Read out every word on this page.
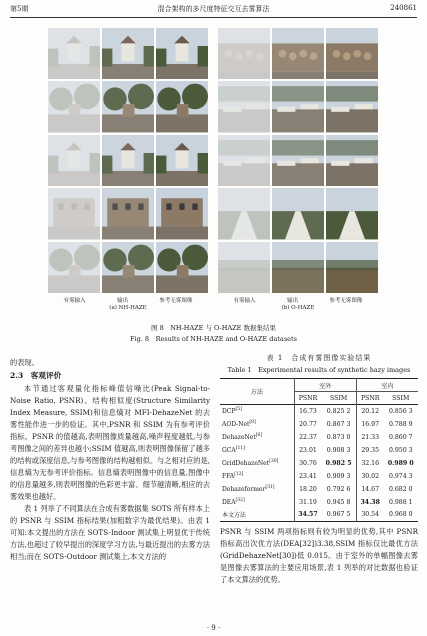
第5期	混合架构的多尺度特征交互去雾算法	240861
有雾输入	输出	参考无雾图像
(a) NH-HAZE
有雾输入	输出	参考无雾图像
(b) O-HAZE
图 8　NH-HAZE 与 O-HAZE 数据集结果
Fig. 8　Results of NH-HAZE and O-HAZE datasets

的表现。

2.3　客观评价

本节通过客观量化指标峰值信噪比(Peak Signal-to-Noise Ratio, PSNR)、结构相似度(Structure Similarity Index Measure, SSIM)和信息熵对 MFI-DehazeNet 的去雾性能作进一步的验证。其中,PSNR 和 SSIM 为有参考评价指标。PSNR 的值越高,表明图像质量越高,噪声程度越低,与参考图像之间的差异也越小;SSIM 值越高,则表明图像保留了越多的结构或深度信息,与参考图像的结构越相似。与之相对应的是,信息熵为无参考评价指标。信息熵表明图像中的信息量,图像中的信息量越多,则表明图像的色彩更丰富、细节越清晰,相应的去雾效果也越好。

表 1 列举了不同算法在合成有雾数据集 SOTS 所有样本上的 PSNR 与 SSIM 指标结果(加粗数字为最优结果)。由表 1 可知:本文提出的方法在 SOTS-Indoor 测试集上明显优于传统方法,也超过了较早提出的深度学习方法,与最近提出的去雾方法相当;而在 SOTS-Outdoor 测试集上,本文方法的

表 1　合成有雾图像实验结果
Table 1　Experimental results of synthetic hazy images
方法	室外		室内	
	PSNR	SSIM	PSNR	SSIM
DCP[5]	16.73	0.825 2	20.12	0.856 3
AOD-Net[8]	20.77	0.867 3	16.97	0.788 9
DehazeNet[6]	22.37	0.873 0	21.33	0.860 7
GCA[11]	23.01	0.908 3	29.35	0.950 3
GridDehazeNet[30]	30.76	0.982 5	32.16	0.989 0
FFA[12]	23.41	0.909 3	30.02	0.974 3
Dehazeformer[31]	18.20	0.792 6	14.67	0.682 0
DEA[32]	31.19	0.945 8	34.38	0.988 1
本文方法	34.57	0.967 5	30.54	0.968 0

PSNR 与 SSIM 两项指标则有较为明显的优势,其中 PSNR 指标高出次优方法(DEA[32])3.38,SSIM 指标仅比最优方法(GridDehazeNet[30])低 0.015。由于室外的单幅图像去雾是图像去雾算法的主要应用场景,表 1 列举的对比数据也验证了本文算法的优势。

· 9 ·
